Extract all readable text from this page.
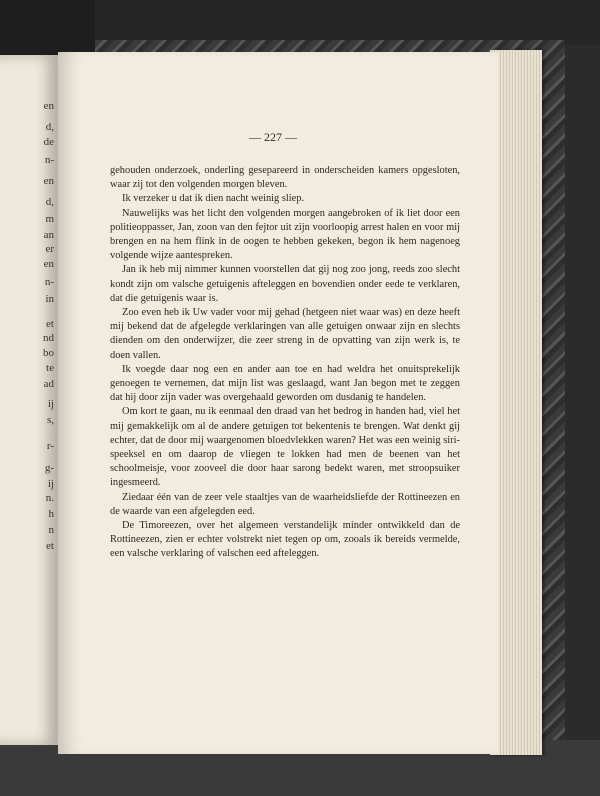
en
d,
de
n-
en
d,
m
an
er
en
n-
in
et
nd
bo
te
ad
ij
s,
r-
g-
ij
n.
h
n
et
— 227 —

gehouden onderzoek, onderling gesepareerd in onderscheiden kamers opgesloten, waar zij tot den volgenden morgen bleven.

Ik verzeker u dat ik dien nacht weinig sliep.

Nauwelijks was het licht den volgenden morgen aangebroken of ik liet door een politieoppasser, Jan, zoon van den fejtor uit zijn voorloopig arrest halen en voor mij brengen en na hem flink in de oogen te hebben gekeken, begon ik hem nagenoeg volgende wijze aantespreken.

Jan ik heb mij nimmer kunnen voorstellen dat gij nog zoo jong, reeds zoo slecht kondt zijn om valsche getuigenis afteleggen en bovendien onder eede te verklaren, dat die getuigenis waar is.

Zoo even heb ik Uw vader voor mij gehad (hetgeen niet waar was) en deze heeft mij bekend dat de afgelegde verklaringen van alle getuigen onwaar zijn en slechts dienden om den onderwijzer, die zeer streng in de opvatting van zijn werk is, te doen vallen.

Ik voegde daar nog een en ander aan toe en had weldra het onuitsprekelijk genoegen te vernemen, dat mijn list was geslaagd, want Jan begon met te zeggen dat hij door zijn vader was overgehaald geworden om dusdanig te handelen.

Om kort te gaan, nu ik eenmaal den draad van het bedrog in handen had, viel het mij gemakkelijk om al de andere getuigen tot bekentenis te brengen. Wat denkt gij echter, dat de door mij waargenomen bloedvlekken waren? Het was een weinig siri-speeksel en om daarop de vliegen te lokken had men de beenen van het schoolmeisje, voor zooveel die door haar sarong bedekt waren, met stroopsuiker ingesmeerd.

Ziedaar één van de zeer vele staaltjes van de waarheidsliefde der Rottineezen en de waarde van een afgelegden eed.

De Timoreezen, over het algemeen verstandelijk minder ontwikkeld dan de Rottineezen, zien er echter volstrekt niet tegen op om, zooals ik bereids vermelde, een valsche verklaring of valschen eed afteleggen.
